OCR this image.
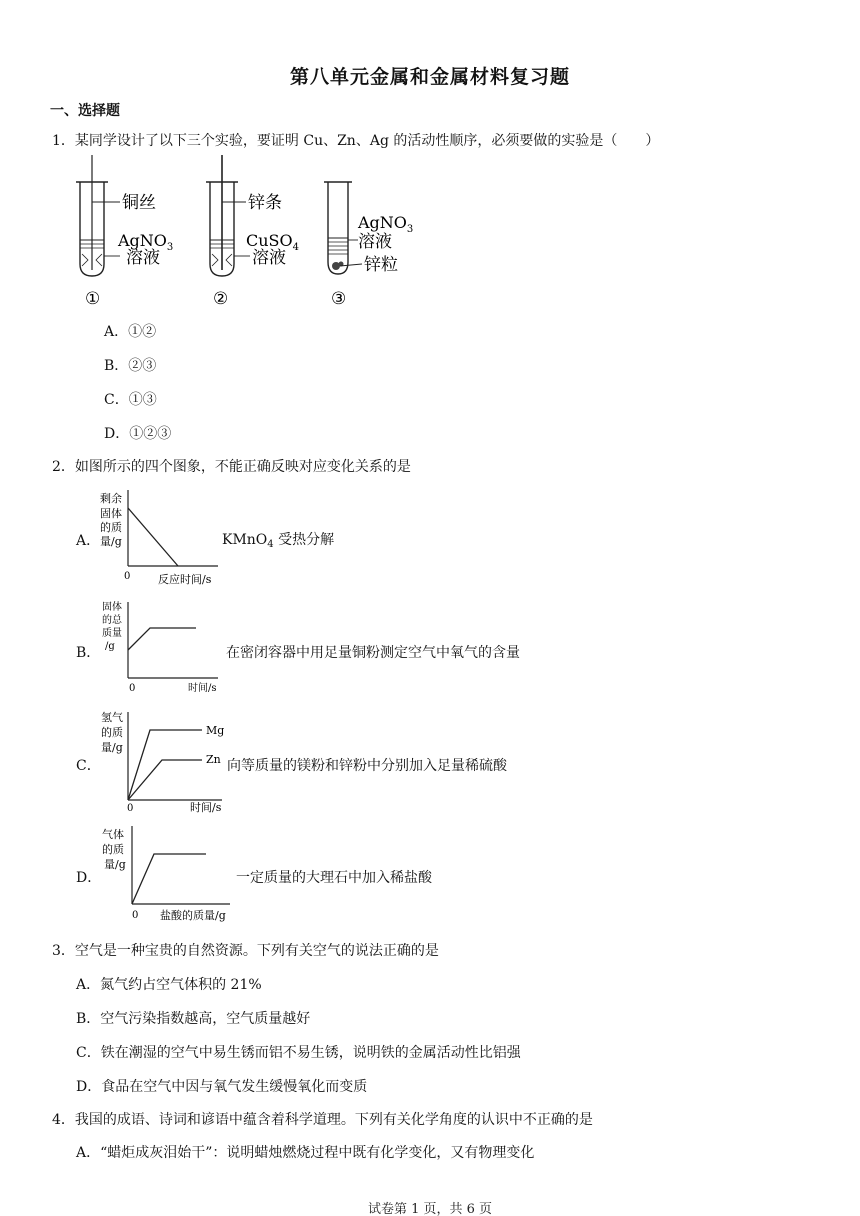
第八单元金属和金属材料复习题
一、选择题
1．某同学设计了以下三个实验，要证明 Cu、Zn、Ag 的活动性顺序，必须要做的实验是（　　）
铜丝
AgNO$_3$
溶液
①
锌条
CuSO$_4$
溶液
②
AgNO$_3$
溶液
锌粒
③
A．①②
B．②③
C．①③
D．①②③
2．如图所示的四个图象，不能正确反映对应变化关系的是
A．
剩余
固体
的质
量/g
0	反应时间/s
KMnO$_4$ 受热分解
B．
固体
的总
质量
/g
0	时间/s
在密闭容器中用足量铜粉测定空气中氧气的含量
C．
氢气
的质
量/g
Mg
Zn
0	时间/s
向等质量的镁粉和锌粉中分别加入足量稀硫酸
D．
气体
的质
量/g
0 盐酸的质量/g
一定质量的大理石中加入稀盐酸
3．空气是一种宝贵的自然资源。下列有关空气的说法正确的是
A．氮气约占空气体积的 21%
B．空气污染指数越高，空气质量越好
C．铁在潮湿的空气中易生锈而铝不易生锈，说明铁的金属活动性比铝强
D．食品在空气中因与氧气发生缓慢氧化而变质
4．我国的成语、诗词和谚语中蕴含着科学道理。下列有关化学角度的认识中不正确的是
A．“蜡炬成灰泪始干”：说明蜡烛燃烧过程中既有化学变化，又有物理变化
试卷第 1 页，共 6 页
